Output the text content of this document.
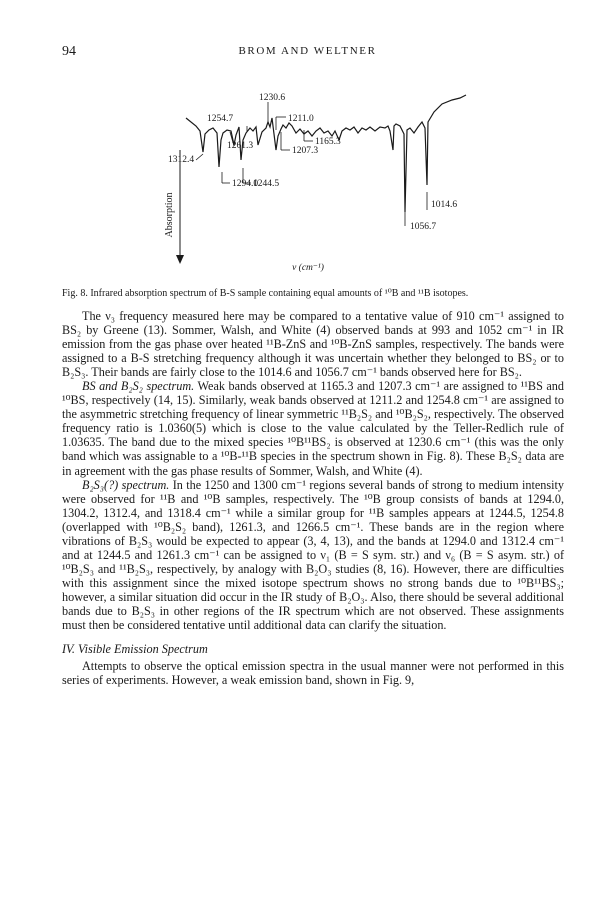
94	BROM AND WELTNER
1230.6
1254.7	1211.0
1165.3
1207.3
1312.4
1261.3
1294.0
1244.5
1014.6
1056.7
Absorption
ν (cm⁻¹)
Fig. 8. Infrared absorption spectrum of B-S sample containing equal amounts of ¹⁰B and ¹¹B isotopes.

The ν₃ frequency measured here may be compared to a tentative value of 910 cm⁻¹ assigned to BS₂ by Greene (13). Sommer, Walsh, and White (4) observed bands at 993 and 1052 cm⁻¹ in IR emission from the gas phase over heated ¹¹B-ZnS and ¹⁰B-ZnS samples, respectively. The bands were assigned to a B-S stretching frequency although it was uncertain whether they belonged to BS₂ or to B₂S₃. Their bands are fairly close to the 1014.6 and 1056.7 cm⁻¹ bands observed here for BS₂.

BS and B₂S₂ spectrum. Weak bands observed at 1165.3 and 1207.3 cm⁻¹ are assigned to ¹¹BS and ¹⁰BS, respectively (14, 15). Similarly, weak bands observed at 1211.2 and 1254.8 cm⁻¹ are assigned to the asymmetric stretching frequency of linear symmetric ¹¹B₂S₂ and ¹⁰B₂S₂, respectively. The observed frequency ratio is 1.0360(5) which is close to the value calculated by the Teller-Redlich rule of 1.03635. The band due to the mixed species ¹⁰B¹¹BS₂ is observed at 1230.6 cm⁻¹ (this was the only band which was assignable to a ¹⁰B-¹¹B species in the spectrum shown in Fig. 8). These B₂S₂ data are in agreement with the gas phase results of Sommer, Walsh, and White (4).

B₂S₃(?) spectrum. In the 1250 and 1300 cm⁻¹ regions several bands of strong to medium intensity were observed for ¹¹B and ¹⁰B samples, respectively. The ¹⁰B group consists of bands at 1294.0, 1304.2, 1312.4, and 1318.4 cm⁻¹ while a similar group for ¹¹B samples appears at 1244.5, 1254.8 (overlapped with ¹⁰B₂S₂ band), 1261.3, and 1266.5 cm⁻¹. These bands are in the region where vibrations of B₂S₃ would be expected to appear (3, 4, 13), and the bands at 1294.0 and 1312.4 cm⁻¹ and at 1244.5 and 1261.3 cm⁻¹ can be assigned to ν₁ (B = S sym. str.) and ν₆ (B = S asym. str.) of ¹⁰B₂S₃ and ¹¹B₂S₃, respectively, by analogy with B₂O₃ studies (8, 16). However, there are difficulties with this assignment since the mixed isotope spectrum shows no strong bands due to ¹⁰B¹¹BS₃; however, a similar situation did occur in the IR study of B₂O₃. Also, there should be several additional bands due to B₂S₃ in other regions of the IR spectrum which are not observed. These assignments must then be considered tentative until additional data can clarify the situation.

IV. Visible Emission Spectrum

Attempts to observe the optical emission spectra in the usual manner were not performed in this series of experiments. However, a weak emission band, shown in Fig. 9,
